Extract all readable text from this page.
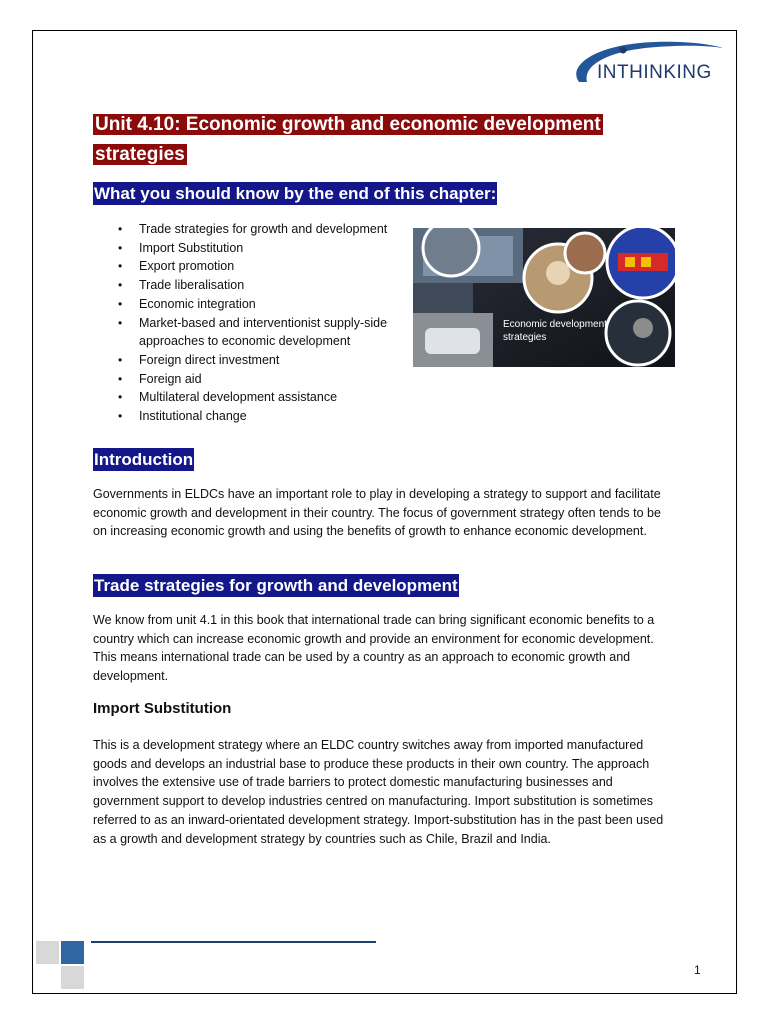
INTHINKING
Unit 4.10: Economic growth and economic development
strategies
What you should know by the end of this chapter:
• Trade strategies for growth and development
• Import Substitution
• Export promotion
• Trade liberalisation
• Economic integration
• Market-based and interventionist supply-side approaches to economic development
• Foreign direct investment
• Foreign aid
• Multilateral development assistance
• Institutional change
Economic development strategies
Introduction

Governments in ELDCs have an important role to play in developing a strategy to support and facilitate economic growth and development in their country. The focus of government strategy often tends to be on increasing economic growth and using the benefits of growth to enhance economic development.

Trade strategies for growth and development

We know from unit 4.1 in this book that international trade can bring significant economic benefits to a country which can increase economic growth and provide an environment for economic development. This means international trade can be used by a country as an approach to economic growth and development.

Import Substitution

This is a development strategy where an ELDC country switches away from imported manufactured goods and develops an industrial base to produce these products in their own country. The approach involves the extensive use of trade barriers to protect domestic manufacturing businesses and government support to develop industries centred on manufacturing. Import substitution is sometimes referred to as an inward-orientated development strategy. Import-substitution has in the past been used as a growth and development strategy by countries such as Chile, Brazil and India.

1
